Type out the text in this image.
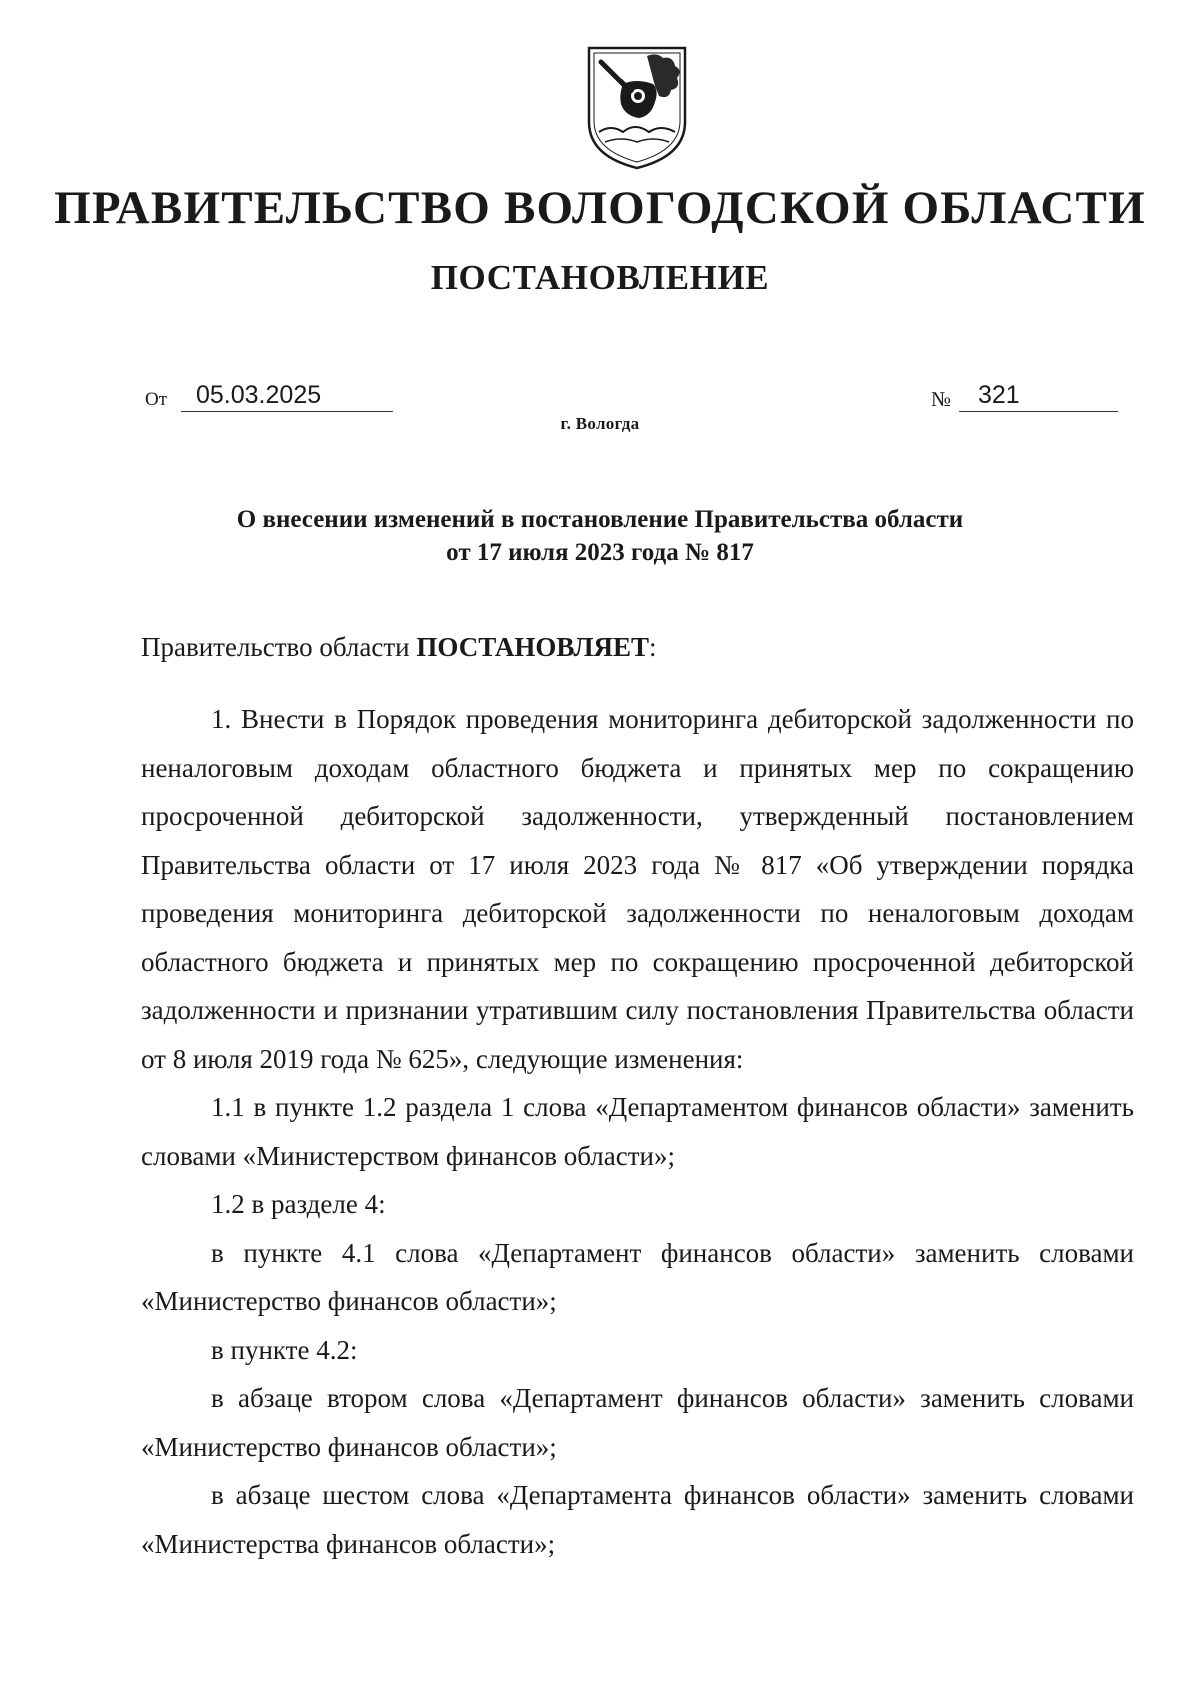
ПРАВИТЕЛЬСТВО ВОЛОГОДСКОЙ ОБЛАСТИ
ПОСТАНОВЛЕНИЕ
От	05.03.2025	№	321
г. Вологда
О внесении изменений в постановление Правительства области
от 17 июля 2023 года № 817

Правительство области ПОСТАНОВЛЯЕТ:

1. Внести в Порядок проведения мониторинга дебиторской задолженности по неналоговым доходам областного бюджета и принятых мер по сокращению просроченной дебиторской задолженности, утвержденный постановлением Правительства области от 17 июля 2023 года № 817 «Об утверждении порядка проведения мониторинга дебиторской задолженности по неналоговым доходам областного бюджета и принятых мер по сокращению просроченной дебиторской задолженности и признании утратившим силу постановления Правительства области от 8 июля 2019 года № 625», следующие изменения:

1.1 в пункте 1.2 раздела 1 слова «Департаментом финансов области» заменить словами «Министерством финансов области»;

1.2 в разделе 4:

в пункте 4.1 слова «Департамент финансов области» заменить словами «Министерство финансов области»;

в пункте 4.2:

в абзаце втором слова «Департамент финансов области» заменить словами «Министерство финансов области»;

в абзаце шестом слова «Департамента финансов области» заменить словами «Министерства финансов области»;
